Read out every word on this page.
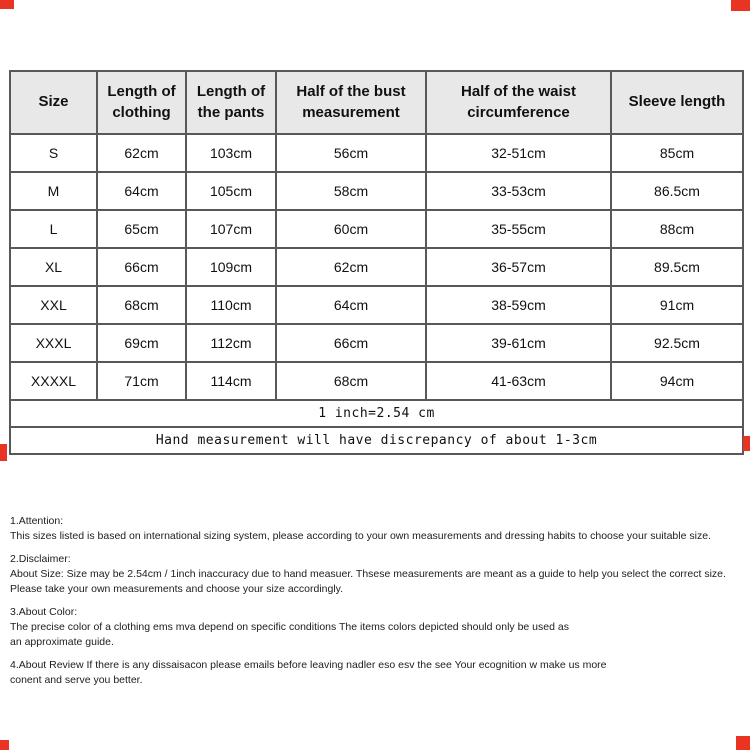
Size	Length of clothing	Length of the pants	Half of the bust measurement	Half of the waist circumference	Sleeve length
S	62cm	103cm	56cm	32-51cm	85cm
M	64cm	105cm	58cm	33-53cm	86.5cm
L	65cm	107cm	60cm	35-55cm	88cm
XL	66cm	109cm	62cm	36-57cm	89.5cm
XXL	68cm	110cm	64cm	38-59cm	91cm
XXXL	69cm	112cm	66cm	39-61cm	92.5cm
XXXXL	71cm	114cm	68cm	41-63cm	94cm
1 inch=2.54 cm					
Hand measurement will have discrepancy of about 1-3cm					
1.Attention:
This sizes listed is based on international sizing system, please according to your own measurements and dressing habits to choose your suitable size.
2.Disclaimer:
About Size: Size may be 2.54cm / 1inch inaccuracy due to hand measuer. Thsese measurements are meant as a guide to help you select the correct size.
Please take your own measurements and choose your size accordingly.
3.About Color:
The precise color of a clothing ems mva depend on specific conditions The items colors depicted should only be used as
an approximate guide.
4.About Review If there is any dissaisacon please emails before leaving nadler eso esv the see Your ecognition w make us more
conent and serve you better.
